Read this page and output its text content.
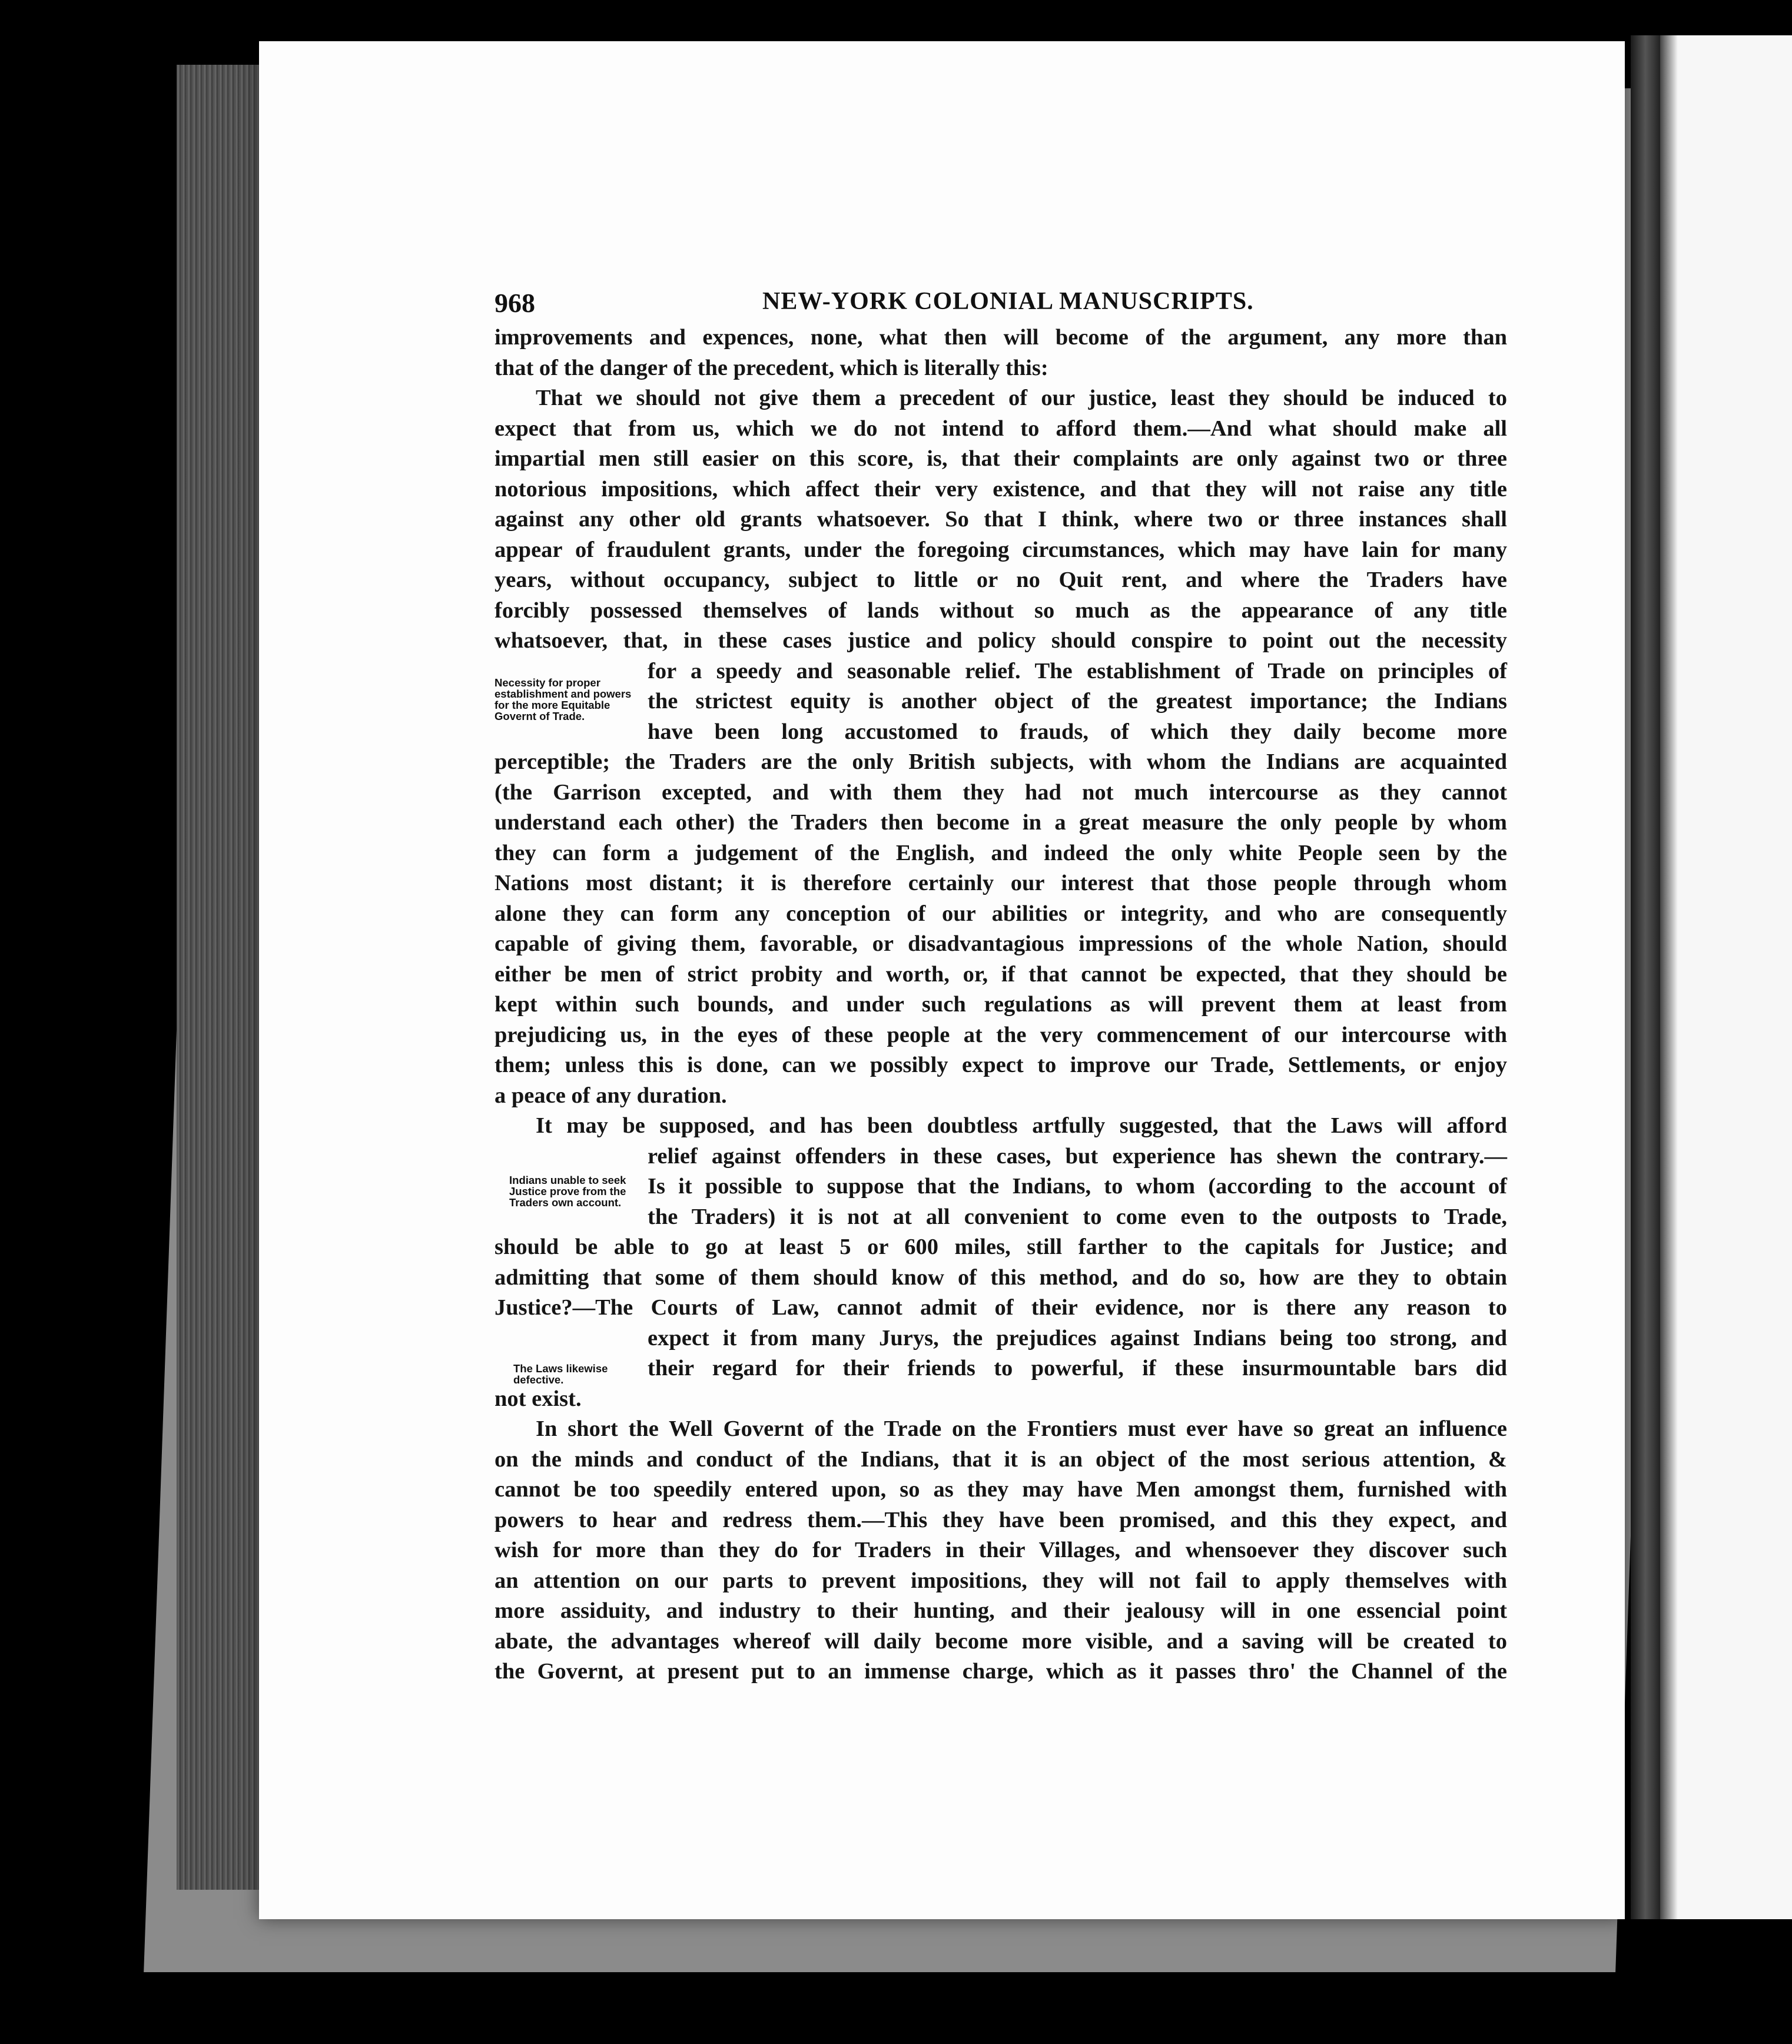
968	NEW-YORK COLONIAL MANUSCRIPTS.
Necessity for proper establishment and powers for the more Equitable Governt of Trade.
Indians unable to seek Justice prove from the Traders own account.
The Laws likewise defective.
improvements and expences, none, what then will become of the argument, any more than
that of the danger of the precedent, which is literally this:
That we should not give them a precedent of our justice, least they should be induced to
expect that from us, which we do not intend to afford them.—And what should make all
impartial men still easier on this score, is, that their complaints are only against two or three
notorious impositions, which affect their very existence, and that they will not raise any title
against any other old grants whatsoever. So that I think, where two or three instances shall
appear of fraudulent grants, under the foregoing circumstances, which may have lain for many
years, without occupancy, subject to little or no Quit rent, and where the Traders have
forcibly possessed themselves of lands without so much as the appearance of any title
whatsoever, that, in these cases justice and policy should conspire to point out the necessity
for a speedy and seasonable relief. The establishment of Trade on principles of
the strictest equity is another object of the greatest importance; the Indians
have been long accustomed to frauds, of which they daily become more
perceptible; the Traders are the only British subjects, with whom the Indians are acquainted
(the Garrison excepted, and with them they had not much intercourse as they cannot
understand each other) the Traders then become in a great measure the only people by whom
they can form a judgement of the English, and indeed the only white People seen by the
Nations most distant; it is therefore certainly our interest that those people through whom
alone they can form any conception of our abilities or integrity, and who are consequently
capable of giving them, favorable, or disadvantagious impressions of the whole Nation, should
either be men of strict probity and worth, or, if that cannot be expected, that they should be
kept within such bounds, and under such regulations as will prevent them at least from
prejudicing us, in the eyes of these people at the very commencement of our intercourse with
them; unless this is done, can we possibly expect to improve our Trade, Settlements, or enjoy
a peace of any duration.
It may be supposed, and has been doubtless artfully suggested, that the Laws will afford
relief against offenders in these cases, but experience has shewn the contrary.—
Is it possible to suppose that the Indians, to whom (according to the account of
the Traders) it is not at all convenient to come even to the outposts to Trade,
should be able to go at least 5 or 600 miles, still farther to the capitals for Justice; and
admitting that some of them should know of this method, and do so, how are they to obtain
Justice?—The Courts of Law, cannot admit of their evidence, nor is there any reason to
expect it from many Jurys, the prejudices against Indians being too strong, and
their regard for their friends to powerful, if these insurmountable bars did
not exist.
In short the Well Governt of the Trade on the Frontiers must ever have so great an influence
on the minds and conduct of the Indians, that it is an object of the most serious attention, &
cannot be too speedily entered upon, so as they may have Men amongst them, furnished with
powers to hear and redress them.—This they have been promised, and this they expect, and
wish for more than they do for Traders in their Villages, and whensoever they discover such
an attention on our parts to prevent impositions, they will not fail to apply themselves with
more assiduity, and industry to their hunting, and their jealousy will in one essencial point
abate, the advantages whereof will daily become more visible, and a saving will be created to
the Governt, at present put to an immense charge, which as it passes thro' the Channel of the
